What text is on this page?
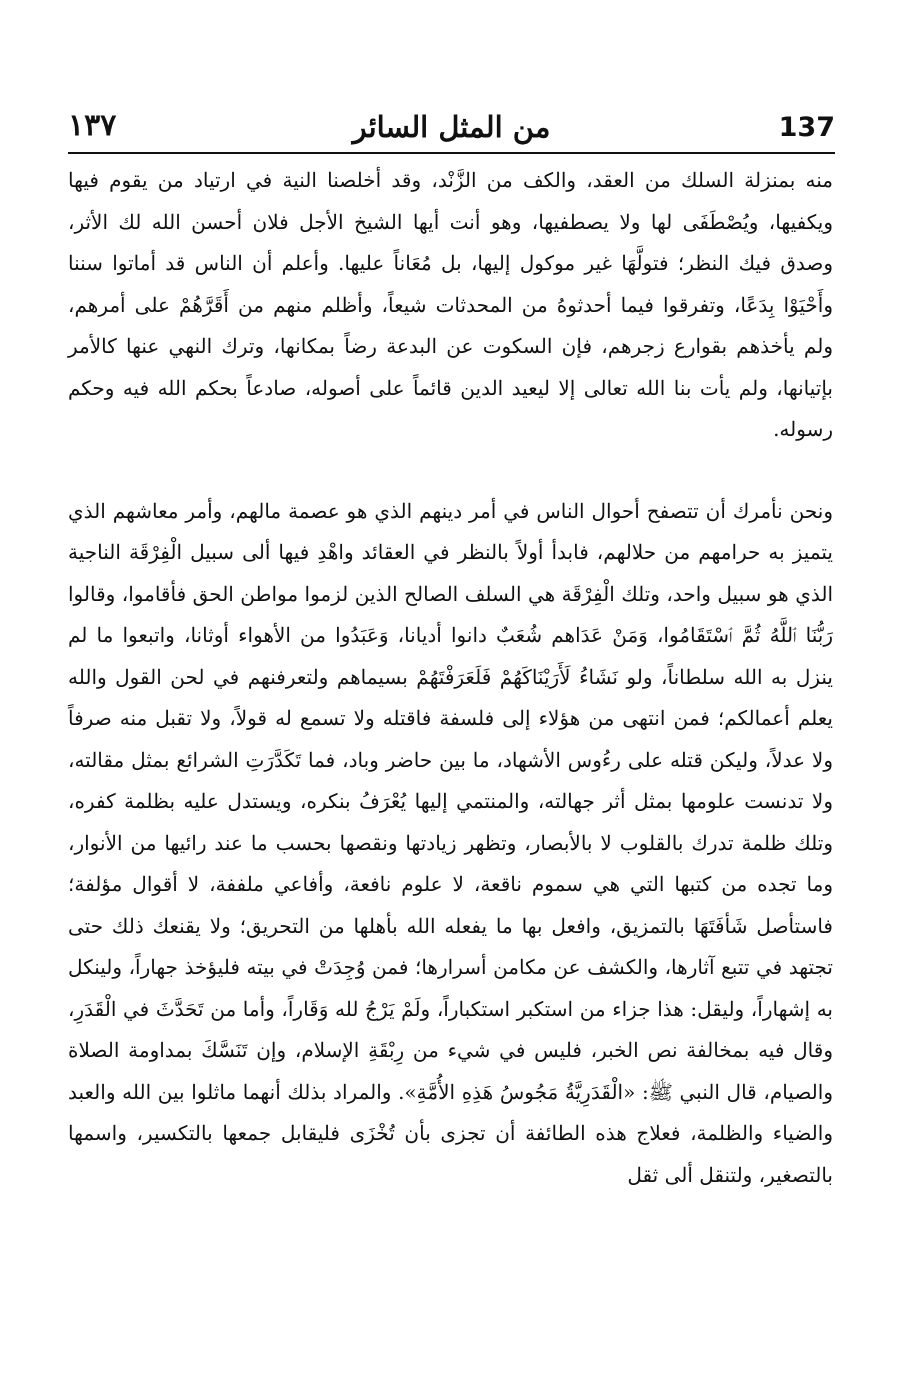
137
من المثل السائر
١٣٧

منه بمنزلة السلك من العقد، والكف من الزَّنْد، وقد أخلصنا النية في ارتياد من يقوم فيها ويكفيها، ويُصْطَفَى لها ولا يصطفيها، وهو أنت أيها الشيخ الأجل فلان أحسن الله لك الأثر، وصدق فيك النظر؛ فتولَّهَا غير موكول إليها، بل مُعَاناً عليها. وأعلم أن الناس قد أماتوا سننا وأَحْيَوْا بِدَعًا، وتفرقوا فيما أحدثوهُ من المحدثات شيعاً، وأظلم منهم من أَقَرَّهُمْ على أمرهم، ولم يأخذهم بقوارع زجرهم، فإن السكوت عن البدعة رضاً بمكانها، وترك النهي عنها كالأمر بإتيانها، ولم يأت بنا الله تعالى إلا ليعيد الدين قائماً على أصوله، صادعاً بحكم الله فيه وحكم رسوله.

ونحن نأمرك أن تتصفح أحوال الناس في أمر دينهم الذي هو عصمة مالهم، وأمر معاشهم الذي يتميز به حرامهم من حلالهم، فابدأ أولاً بالنظر في العقائد واهْدِ فيها ألى سبيل الْفِرْقَة الناجية الذي هو سبيل واحد، وتلك الْفِرْقَة هي السلف الصالح الذين لزموا مواطن الحق فأقاموا، وقالوا رَبُّنَا ٱللَّهُ ثُمَّ ٱسْتَقَامُوا، وَمَنْ عَدَاهم شُعَبٌ دانوا أديانا، وَعَبَدُوا من الأهواء أوثانا، واتبعوا ما لم ينزل به الله سلطاناً، ولو نَشَاءُ لَأَرَيْنَاكَهُمْ فَلَعَرَفْتَهُمْ بسيماهم ولتعرفنهم في لحن القول والله يعلم أعمالكم؛ فمن انتهى من هؤلاء إلى فلسفة فاقتله ولا تسمع له قولاً، ولا تقبل منه صرفاً ولا عدلاً، وليكن قتله على رءُوس الأشهاد، ما بين حاضر وباد، فما تَكَدَّرَتِ الشرائع بمثل مقالته، ولا تدنست علومها بمثل أثر جهالته، والمنتمي إليها يُعْرَفُ بنكره، ويستدل عليه بظلمة كفره، وتلك ظلمة تدرك بالقلوب لا بالأبصار، وتظهر زيادتها ونقصها بحسب ما عند رائيها من الأنوار، وما تجده من كتبها التي هي سموم ناقعة، لا علوم نافعة، وأفاعي ملففة، لا أقوال مؤلفة؛ فاستأصل شَأفَتَهَا بالتمزيق، وافعل بها ما يفعله الله بأهلها من التحريق؛ ولا يقنعك ذلك حتى تجتهد في تتبع آثارها، والكشف عن مكامن أسرارها؛ فمن وُجِدَتْ في بيته فليؤخذ جهاراً، ولينكل به إشهاراً، وليقل: هذا جزاء من استكبر استكباراً، ولَمْ يَرْجُ لله وَقَاراً، وأما من تَحَدَّثَ في الْقَدَرِ، وقال فيه بمخالفة نص الخبر، فليس في شيء من رِبْقَةِ الإسلام، وإن تَنَسَّكَ بمداومة الصلاة والصيام، قال النبي ﷺ: «الْقَدَرِيَّةُ مَجُوسُ هَذِهِ الأُمَّةِ». والمراد بذلك أنهما ماثلوا بين الله والعبد والضياء والظلمة، فعلاج هذه الطائفة أن تجزى بأن تُخْزَى فليقابل جمعها بالتكسير، واسمها بالتصغير، ولتنقل ألى ثقل
